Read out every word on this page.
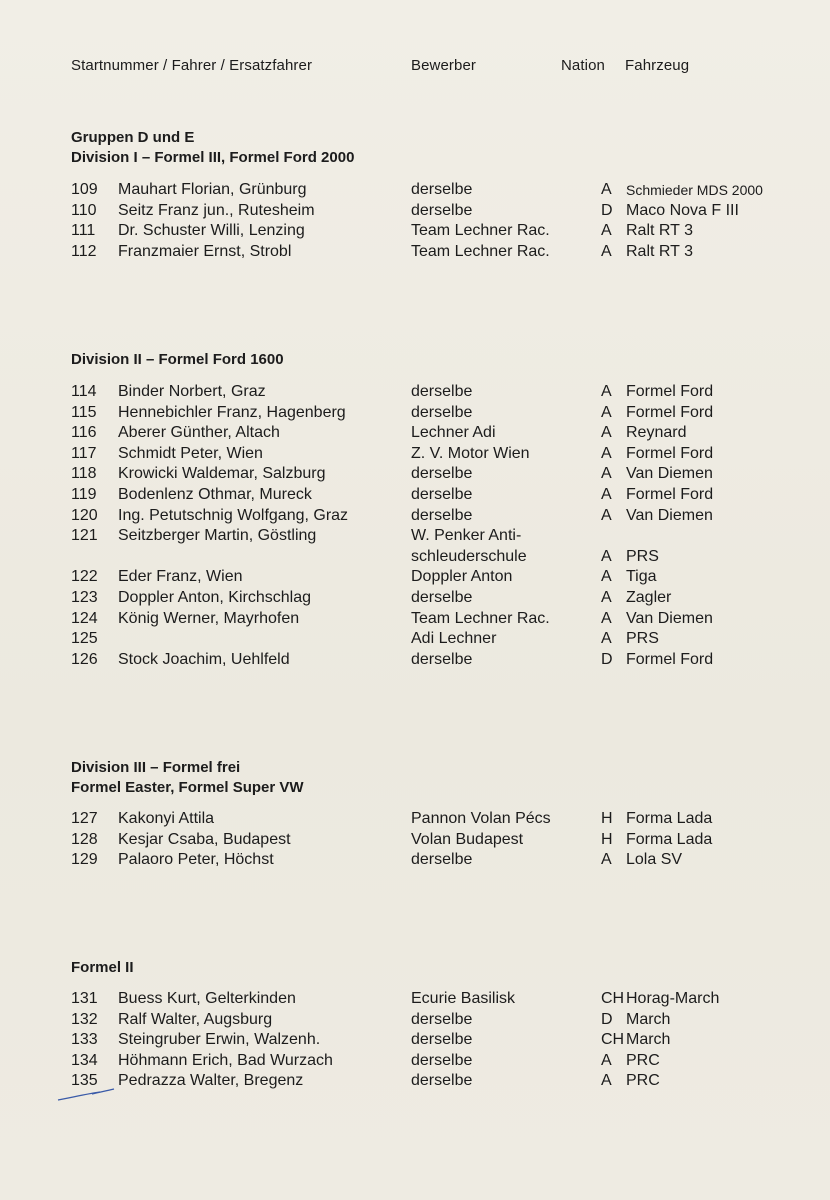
Startnummer / Fahrer / Ersatzfahrer	Bewerber	Nation Fahrzeug
Gruppen D und E
Division I – Formel III, Formel Ford 2000
109 Mauhart Florian, Grünburg	derselbe	A	Schmieder MDS 2000
110 Seitz Franz jun., Rutesheim	derselbe	D Maco Nova F III
111 Dr. Schuster Willi, Lenzing	Team Lechner Rac.	A Ralt RT 3
112 Franzmaier Ernst, Strobl	Team Lechner Rac.	A Ralt RT 3
Division II – Formel Ford 1600
114 Binder Norbert, Graz	derselbe	A Formel Ford
115 Hennebichler Franz, Hagenberg	derselbe	A Formel Ford
116 Aberer Günther, Altach	Lechner Adi	A Reynard
117 Schmidt Peter, Wien	Z. V. Motor Wien	A Formel Ford
118 Krowicki Waldemar, Salzburg	derselbe	A Van Diemen
119 Bodenlenz Othmar, Mureck	derselbe	A Formel Ford
120 Ing. Petutschnig Wolfgang, Graz	derselbe	A Van Diemen
121 Seitzberger Martin, Göstling	W. Penker Anti-
schleuderschule	A PRS
122 Eder Franz, Wien	Doppler Anton	A Tiga
123 Doppler Anton, Kirchschlag	derselbe	A Zagler
124 König Werner, Mayrhofen	Team Lechner Rac.	A Van Diemen
125	Adi Lechner	A PRS
126 Stock Joachim, Uehlfeld	derselbe	D Formel Ford
Division III – Formel frei
Formel Easter, Formel Super VW
127 Kakonyi Attila	Pannon Volan Pécs	H Forma Lada
128 Kesjar Csaba, Budapest	Volan Budapest	H Forma Lada
129 Palaoro Peter, Höchst	derselbe	A Lola SV
Formel II
131 Buess Kurt, Gelterkinden	Ecurie Basilisk	CH Horag-March
132 Ralf Walter, Augsburg	derselbe	D March
133 Steingruber Erwin, Walzenh.	derselbe	CH March
134 Höhmann Erich, Bad Wurzach	derselbe	A PRC
135 Pedrazza Walter, Bregenz	derselbe	A PRC
